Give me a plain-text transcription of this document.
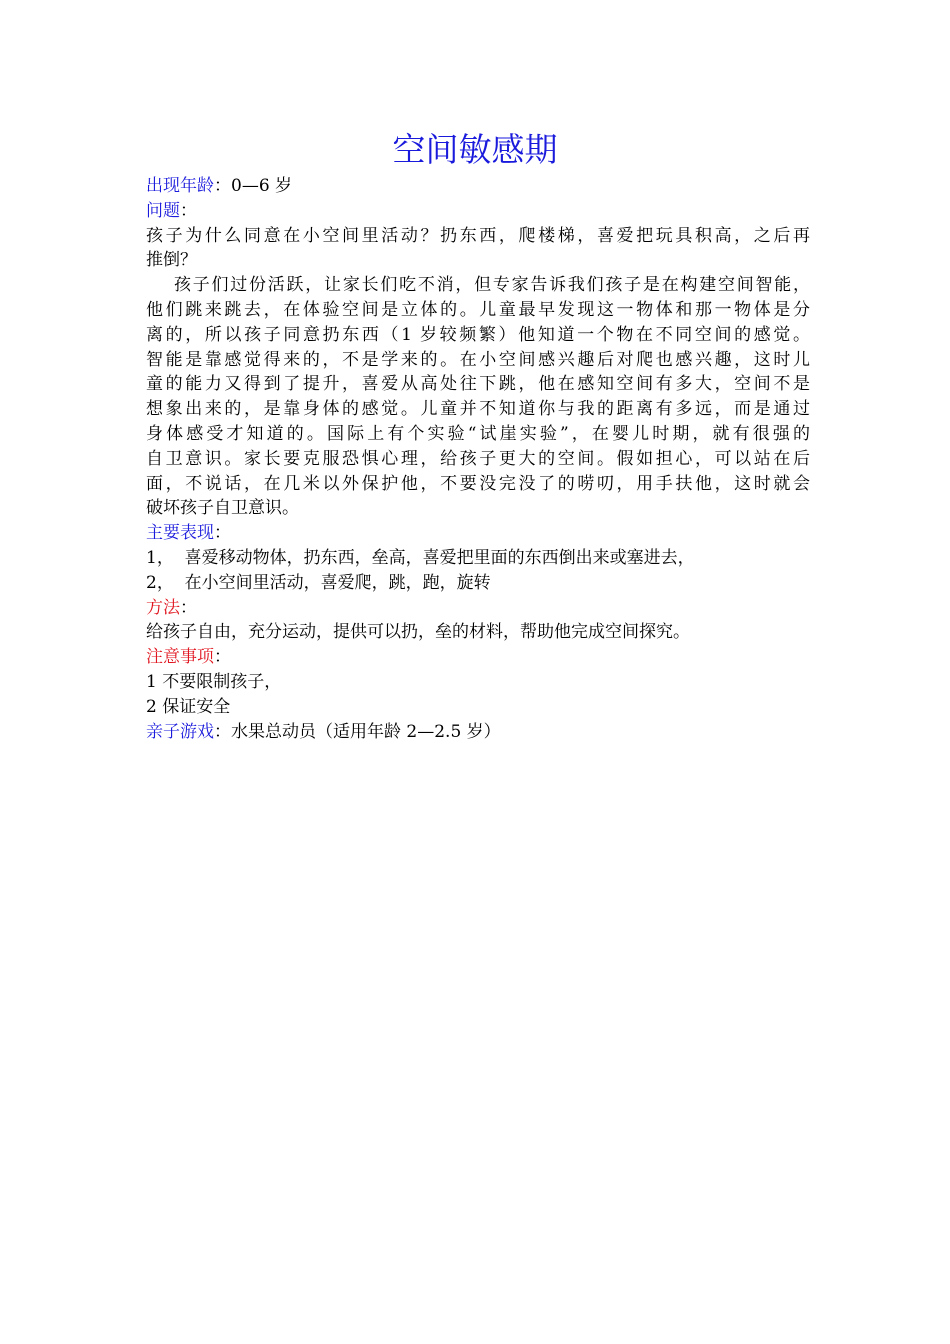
空间敏感期
出现年龄：0—6 岁
问题：
孩子为什么同意在小空间里活动？扔东西，爬楼梯，喜爱把玩具积高，之后再
推倒？
孩子们过份活跃，让家长们吃不消，但专家告诉我们孩子是在构建空间智能，
他们跳来跳去，在体验空间是立体的。儿童最早发现这一物体和那一物体是分
离的，所以孩子同意扔东西（1 岁较频繁）他知道一个物在不同空间的感觉。
智能是靠感觉得来的，不是学来的。在小空间感兴趣后对爬也感兴趣，这时儿
童的能力又得到了提升，喜爱从高处往下跳，他在感知空间有多大，空间不是
想象出来的，是靠身体的感觉。儿童并不知道你与我的距离有多远，而是通过
身体感受才知道的。国际上有个实验“试崖实验”，在婴儿时期，就有很强的
自卫意识。家长要克服恐惧心理，给孩子更大的空间。假如担心，可以站在后
面，不说话，在几米以外保护他，不要没完没了的唠叨，用手扶他，这时就会
破坏孩子自卫意识。
主要表现：
1，  喜爱移动物体，扔东西，垒高，喜爱把里面的东西倒出来或塞进去，
2，  在小空间里活动，喜爱爬，跳，跑，旋转
方法：
给孩子自由，充分运动，提供可以扔，垒的材料，帮助他完成空间探究。
注意事项：
1 不要限制孩子，
2 保证安全
亲子游戏：水果总动员（适用年龄 2—2.5 岁）
